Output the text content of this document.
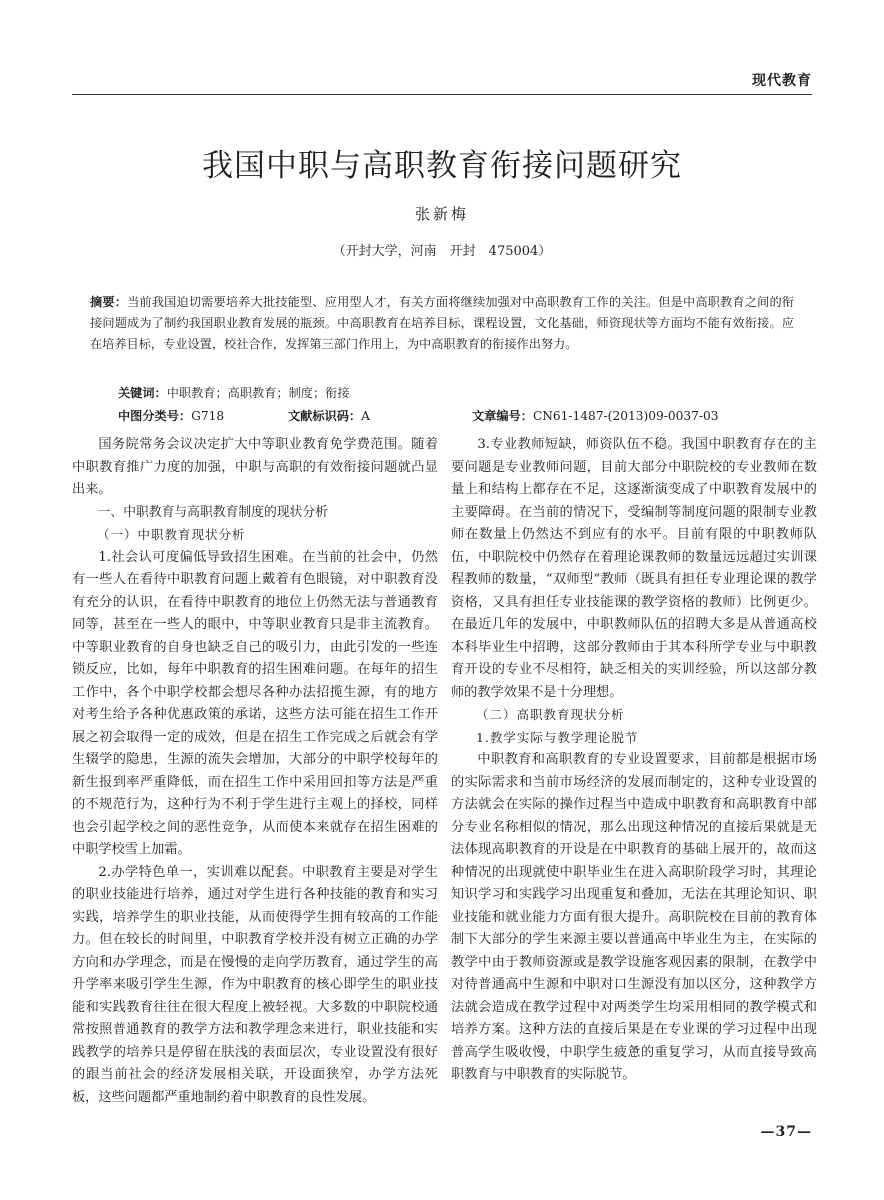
现代教育
我国中职与高职教育衔接问题研究
张新梅
（开封大学，河南　开封　475004）
摘要：当前我国迫切需要培养大批技能型、应用型人才，有关方面将继续加强对中高职教育工作的关注。但是中高职教育之间的衔接问题成为了制约我国职业教育发展的瓶颈。中高职教育在培养目标，课程设置，文化基础，师资现状等方面均不能有效衔接。应在培养目标，专业设置，校社合作，发挥第三部门作用上，为中高职教育的衔接作出努力。
关键词：中职教育；高职教育；制度；衔接
中图分类号：G718	文献标识码：A	文章编号：CN61-1487-(2013)09-0037-03

国务院常务会议决定扩大中等职业教育免学费范围。随着中职教育推广力度的加强，中职与高职的有效衔接问题就凸显出来。

一、中职教育与高职教育制度的现状分析

（一）中职教育现状分析

1.社会认可度偏低导致招生困难。在当前的社会中，仍然有一些人在看待中职教育问题上戴着有色眼镜，对中职教育没有充分的认识，在看待中职教育的地位上仍然无法与普通教育同等，甚至在一些人的眼中，中等职业教育只是非主流教育。中等职业教育的自身也缺乏自己的吸引力，由此引发的一些连锁反应，比如，每年中职教育的招生困难问题。在每年的招生工作中，各个中职学校都会想尽各种办法招揽生源，有的地方对考生给予各种优惠政策的承诺，这些方法可能在招生工作开展之初会取得一定的成效，但是在招生工作完成之后就会有学生辍学的隐患，生源的流失会增加，大部分的中职学校每年的新生报到率严重降低，而在招生工作中采用回扣等方法是严重的不规范行为，这种行为不利于学生进行主观上的择校，同样也会引起学校之间的恶性竞争，从而使本来就存在招生困难的中职学校雪上加霜。

2.办学特色单一，实训难以配套。中职教育主要是对学生的职业技能进行培养，通过对学生进行各种技能的教育和实习实践，培养学生的职业技能，从而使得学生拥有较高的工作能力。但在较长的时间里，中职教育学校并没有树立正确的办学方向和办学理念，而是在慢慢的走向学历教育，通过学生的高升学率来吸引学生生源，作为中职教育的核心即学生的职业技能和实践教育往往在很大程度上被轻视。大多数的中职院校通常按照普通教育的教学方法和教学理念来进行，职业技能和实践教学的培养只是停留在肤浅的表面层次，专业设置没有很好的跟当前社会的经济发展相关联，开设面狭窄，办学方法死板，这些问题都严重地制约着中职教育的良性发展。

3.专业教师短缺，师资队伍不稳。我国中职教育存在的主要问题是专业教师问题，目前大部分中职院校的专业教师在数量上和结构上都存在不足，这逐渐演变成了中职教育发展中的主要障碍。在当前的情况下，受编制等制度问题的限制专业教师在数量上仍然达不到应有的水平。目前有限的中职教师队伍，中职院校中仍然存在着理论课教师的数量远远超过实训课程教师的数量，“双师型”教师（既具有担任专业理论课的教学资格，又具有担任专业技能课的教学资格的教师）比例更少。在最近几年的发展中，中职教师队伍的招聘大多是从普通高校本科毕业生中招聘，这部分教师由于其本科所学专业与中职教育开设的专业不尽相符，缺乏相关的实训经验，所以这部分教师的教学效果不是十分理想。

（二）高职教育现状分析

1.教学实际与教学理论脱节

中职教育和高职教育的专业设置要求，目前都是根据市场的实际需求和当前市场经济的发展而制定的，这种专业设置的方法就会在实际的操作过程当中造成中职教育和高职教育中部分专业名称相似的情况，那么出现这种情况的直接后果就是无法体现高职教育的开设是在中职教育的基础上展开的，故而这种情况的出现就使中职毕业生在进入高职阶段学习时，其理论知识学习和实践学习出现重复和叠加，无法在其理论知识、职业技能和就业能力方面有很大提升。高职院校在目前的教育体制下大部分的学生来源主要以普通高中毕业生为主，在实际的教学中由于教师资源或是教学设施客观因素的限制，在教学中对待普通高中生源和中职对口生源没有加以区分，这种教学方法就会造成在教学过程中对两类学生均采用相同的教学模式和培养方案。这种方法的直接后果是在专业课的学习过程中出现普高学生吸收慢，中职学生疲惫的重复学习，从而直接导致高职教育与中职教育的实际脱节。

—37—
